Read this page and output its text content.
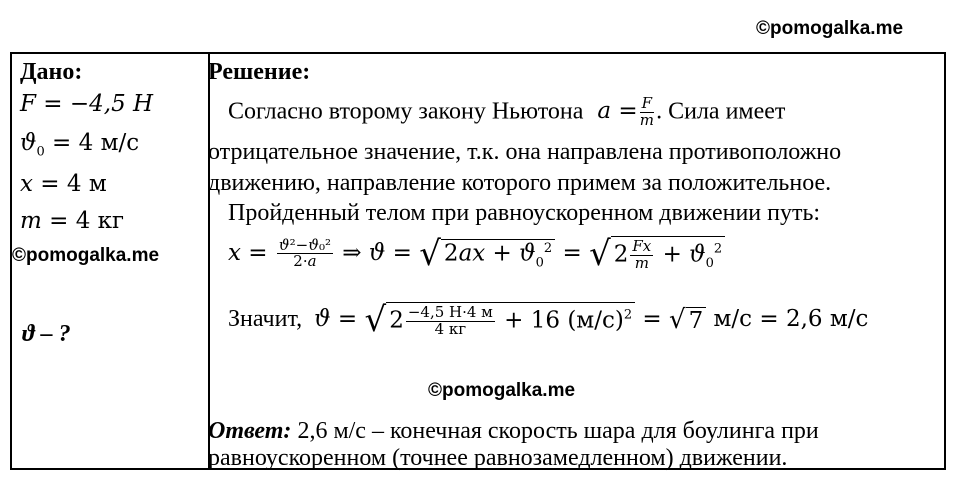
©pomogalka.me
Дано:
F = −4,5 H
$ϑ_0 = 4$ м/с
x = 4 м
m = 4 кг
©pomogalka.me
ϑ – ?
Решение:
Согласно второму закону Ньютона $a = \frac{F}{m}$ . Сила имеет
отрицательное значение, т.к. она направлена противоположно
движению, направление которого примем за положительное.
Пройденный телом при равноускоренном движении путь:
$x = \frac{\text{ϑ²−ϑ₀²}}{2\cdot a}$ ⇒ ϑ = √ $2ax + ϑ_0^2$ = √ $2 \frac{Fx}{m} + ϑ_0^2$
Значит, ϑ = √ $2 \frac{-4,5 Н\cdot 4 м}{4 кг} + 16$ $(м/с)^2$ = √ 7 м/с = 2,6 м/с
©pomogalka.me
Ответ: 2,6 м/с – конечная скорость шара для боулинга при
равноускоренном (точнее равнозамедленном) движении.
